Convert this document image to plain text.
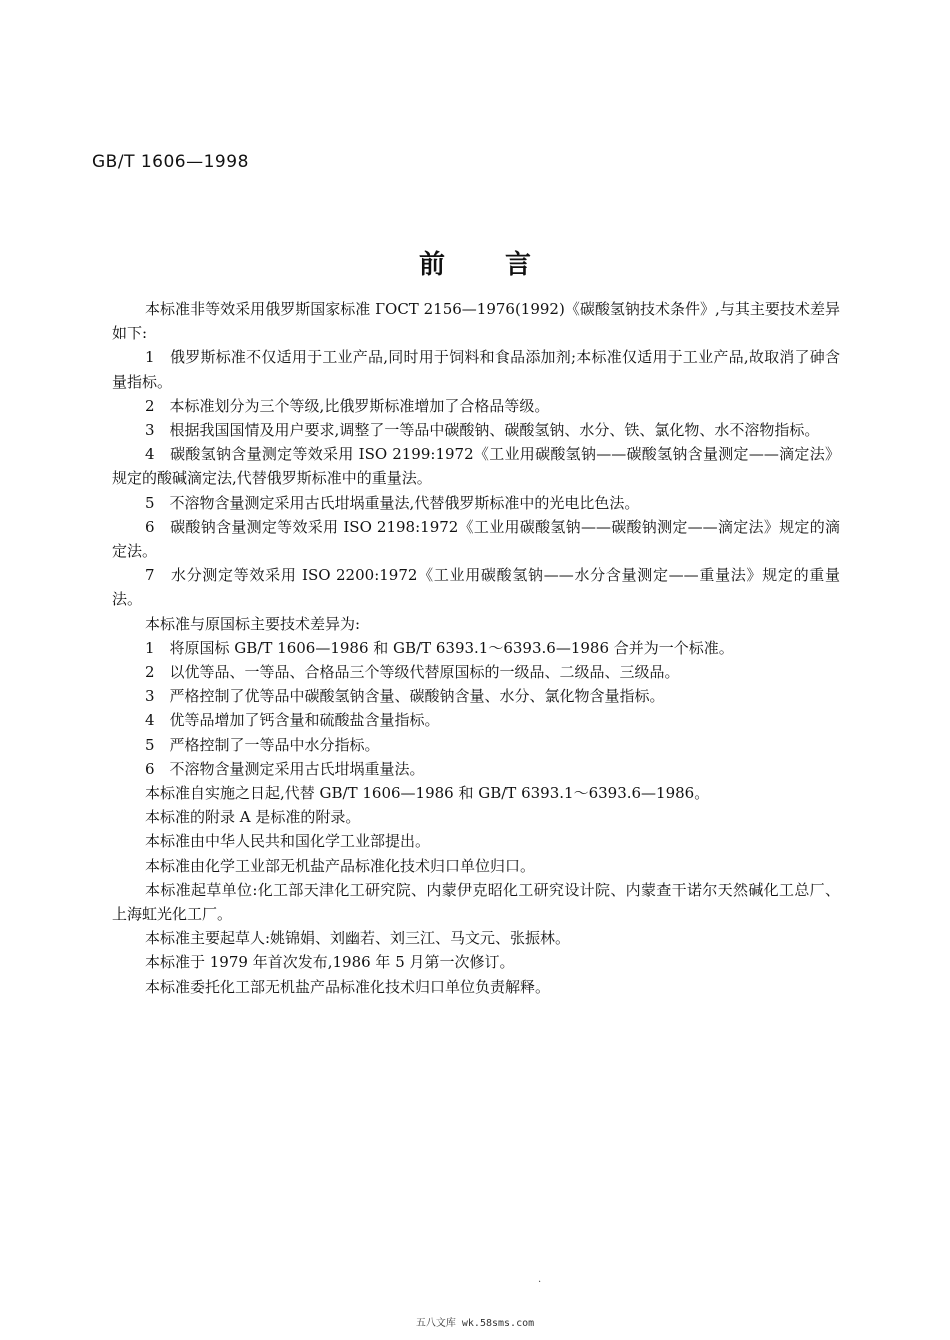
GB/T 1606—1998
前言

本标准非等效采用俄罗斯国家标准 ГОСТ 2156—1976(1992)《碳酸氢钠技术条件》,与其主要技术差异如下:

1　俄罗斯标准不仅适用于工业产品,同时用于饲料和食品添加剂;本标准仅适用于工业产品,故取消了砷含量指标。

2　本标准划分为三个等级,比俄罗斯标准增加了合格品等级。

3　根据我国国情及用户要求,调整了一等品中碳酸钠、碳酸氢钠、水分、铁、氯化物、水不溶物指标。

4　碳酸氢钠含量测定等效采用 ISO 2199:1972《工业用碳酸氢钠——碳酸氢钠含量测定——滴定法》规定的酸碱滴定法,代替俄罗斯标准中的重量法。

5　不溶物含量测定采用古氏坩埚重量法,代替俄罗斯标准中的光电比色法。

6　碳酸钠含量测定等效采用 ISO 2198:1972《工业用碳酸氢钠——碳酸钠测定——滴定法》规定的滴定法。

7　水分测定等效采用 ISO 2200:1972《工业用碳酸氢钠——水分含量测定——重量法》规定的重量法。

本标准与原国标主要技术差异为:

1　将原国标 GB/T 1606—1986 和 GB/T 6393.1～6393.6—1986 合并为一个标准。

2　以优等品、一等品、合格品三个等级代替原国标的一级品、二级品、三级品。

3　严格控制了优等品中碳酸氢钠含量、碳酸钠含量、水分、氯化物含量指标。

4　优等品增加了钙含量和硫酸盐含量指标。

5　严格控制了一等品中水分指标。

6　不溶物含量测定采用古氏坩埚重量法。

本标准自实施之日起,代替 GB/T 1606—1986 和 GB/T 6393.1～6393.6—1986。

本标准的附录 A 是标准的附录。

本标准由中华人民共和国化学工业部提出。

本标准由化学工业部无机盐产品标准化技术归口单位归口。

本标准起草单位:化工部天津化工研究院、内蒙伊克昭化工研究设计院、内蒙查干诺尔天然碱化工总厂、上海虹光化工厂。

本标准主要起草人:姚锦娟、刘幽若、刘三江、马文元、张振林。

本标准于 1979 年首次发布,1986 年 5 月第一次修订。

本标准委托化工部无机盐产品标准化技术归口单位负责解释。

.
五八文库 wk.58sms.com
